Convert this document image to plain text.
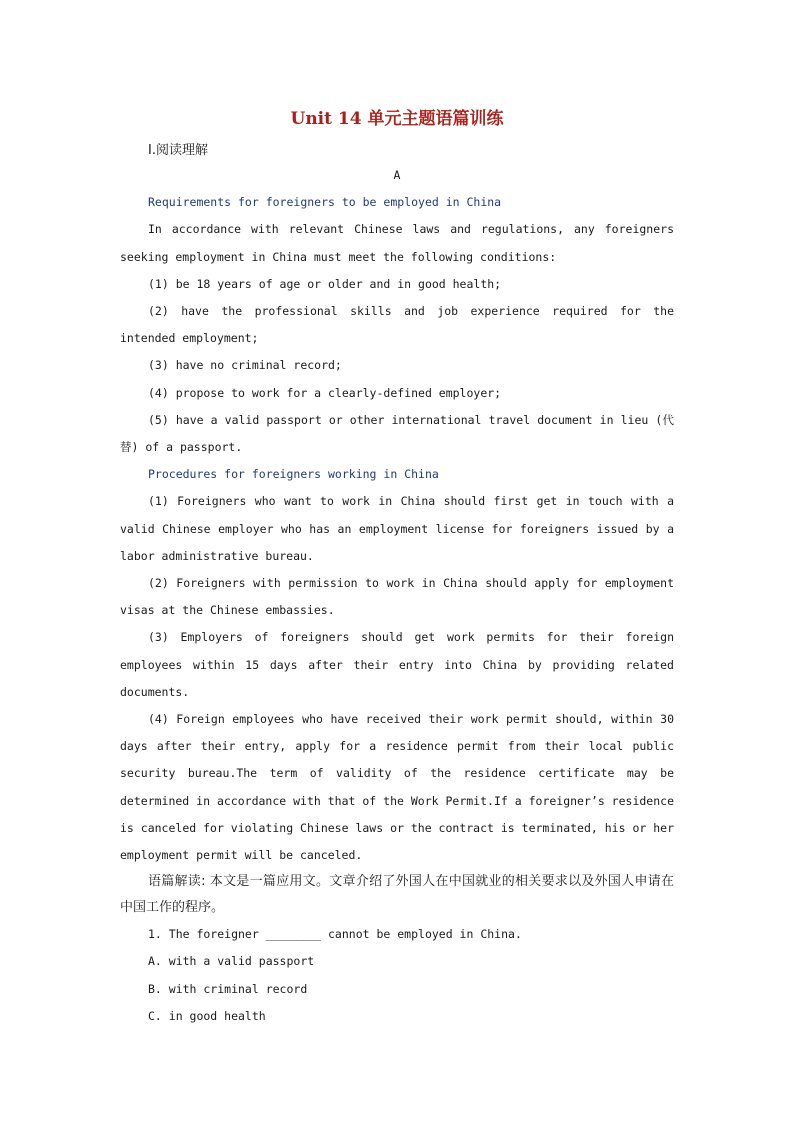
Unit 14 单元主题语篇训练

Ⅰ.阅读理解

A

Requirements for foreigners to be employed in China

In accordance with relevant Chinese laws and regulations, any foreigners seeking employment in China must meet the following conditions:

(1) be 18 years of age or older and in good health;

(2) have the professional skills and job experience required for the intended employment;

(3) have no criminal record;

(4) propose to work for a clearly-defined employer;

(5) have a valid passport or other international travel document in lieu (代替) of a passport.

Procedures for foreigners working in China

(1) Foreigners who want to work in China should first get in touch with a valid Chinese employer who has an employment license for foreigners issued by a labor administrative bureau.

(2) Foreigners with permission to work in China should apply for employment visas at the Chinese embassies.

(3) Employers of foreigners should get work permits for their foreign employees within 15 days after their entry into China by providing related documents.

(4) Foreign employees who have received their work permit should, within 30 days after their entry, apply for a residence permit from their local public security bureau.The term of validity of the residence certificate may be determined in accordance with that of the Work Permit.If a foreigner’s residence is canceled for violating Chinese laws or the contract is terminated, his or her employment permit will be canceled.

语篇解读: 本文是一篇应用文。文章介绍了外国人在中国就业的相关要求以及外国人申请在中国工作的程序。

1. The foreigner ________ cannot be employed in China.

A. with a valid passport

B. with criminal record

C. in good health
